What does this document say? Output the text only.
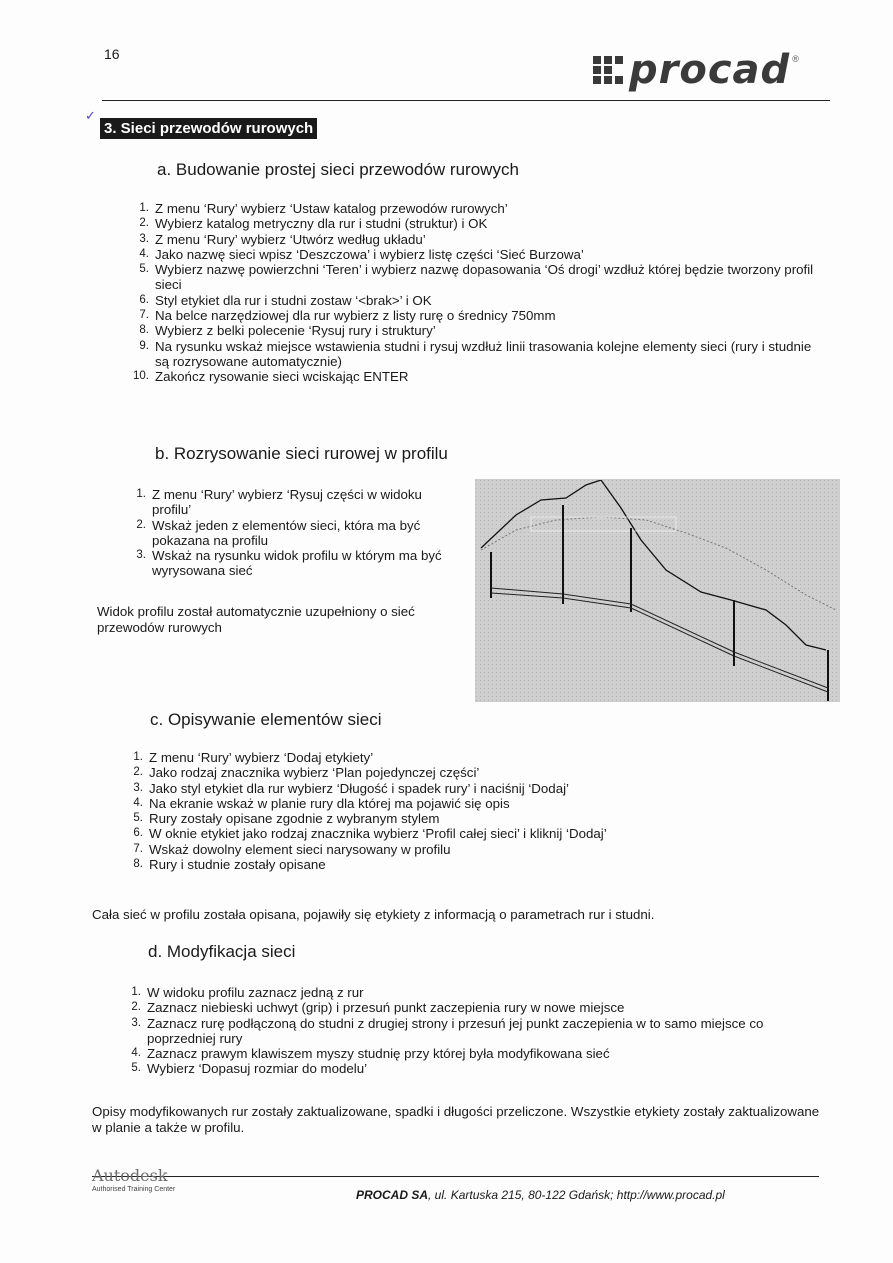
16	procad ®
✓
3. Sieci przewodów rurowych
a. Budowanie prostej sieci przewodów rurowych
1. Z menu ‘Rury’ wybierz ‘Ustaw katalog przewodów rurowych’
2. Wybierz katalog metryczny dla rur i studni (struktur) i OK
3. Z menu ‘Rury’ wybierz ‘Utwórz według układu’
4. Jako nazwę sieci wpisz ‘Deszczowa’ i wybierz listę części ‘Sieć Burzowa’
5. Wybierz nazwę powierzchni ‘Teren’ i wybierz nazwę dopasowania ‘Oś drogi’ wzdłuż której będzie tworzony profil sieci
6. Styl etykiet dla rur i studni zostaw ‘<brak>’ i OK
7. Na belce narzędziowej dla rur wybierz z listy rurę o średnicy 750mm
8. Wybierz z belki polecenie ‘Rysuj rury i struktury’
9. Na rysunku wskaż miejsce wstawienia studni i rysuj wzdłuż linii trasowania kolejne elementy sieci (rury i studnie są rozrysowane automatycznie)
10. Zakończ rysowanie sieci wciskając ENTER
b. Rozrysowanie sieci rurowej w profilu
1. Z menu ‘Rury’ wybierz ‘Rysuj części w widoku profilu’
2. Wskaż jeden z elementów sieci, która ma być pokazana na profilu
3. Wskaż na rysunku widok profilu w którym ma być wyrysowana sieć
Widok profilu został automatycznie uzupełniony o sieć przewodów rurowych
c. Opisywanie elementów sieci
1. Z menu ‘Rury’ wybierz ‘Dodaj etykiety’
2. Jako rodzaj znacznika wybierz ‘Plan pojedynczej części’
3. Jako styl etykiet dla rur wybierz ‘Długość i spadek rury’ i naciśnij ‘Dodaj’
4. Na ekranie wskaż w planie rury dla której ma pojawić się opis
5. Rury zostały opisane zgodnie z wybranym stylem
6. W oknie etykiet jako rodzaj znacznika wybierz ‘Profil całej sieci’ i kliknij ‘Dodaj’
7. Wskaż dowolny element sieci narysowany w profilu
8. Rury i studnie zostały opisane
Cała sieć w profilu została opisana, pojawiły się etykiety z informacją o parametrach rur i studni.
d. Modyfikacja sieci
1. W widoku profilu zaznacz jedną z rur
2. Zaznacz niebieski uchwyt (grip) i przesuń punkt zaczepienia rury w nowe miejsce
3. Zaznacz rurę podłączoną do studni z drugiej strony i przesuń jej punkt zaczepienia w to samo miejsce co poprzedniej rury
4. Zaznacz prawym klawiszem myszy studnię przy której była modyfikowana sieć
5. Wybierz ‘Dopasuj rozmiar do modelu’
Opisy modyfikowanych rur zostały zaktualizowane, spadki i długości przeliczone. Wszystkie etykiety zostały zaktualizowane w planie a także w profilu.
Autodesk
Authorised Training Center	PROCAD SA, ul. Kartuska 215, 80-122 Gdańsk; http://www.procad.pl
